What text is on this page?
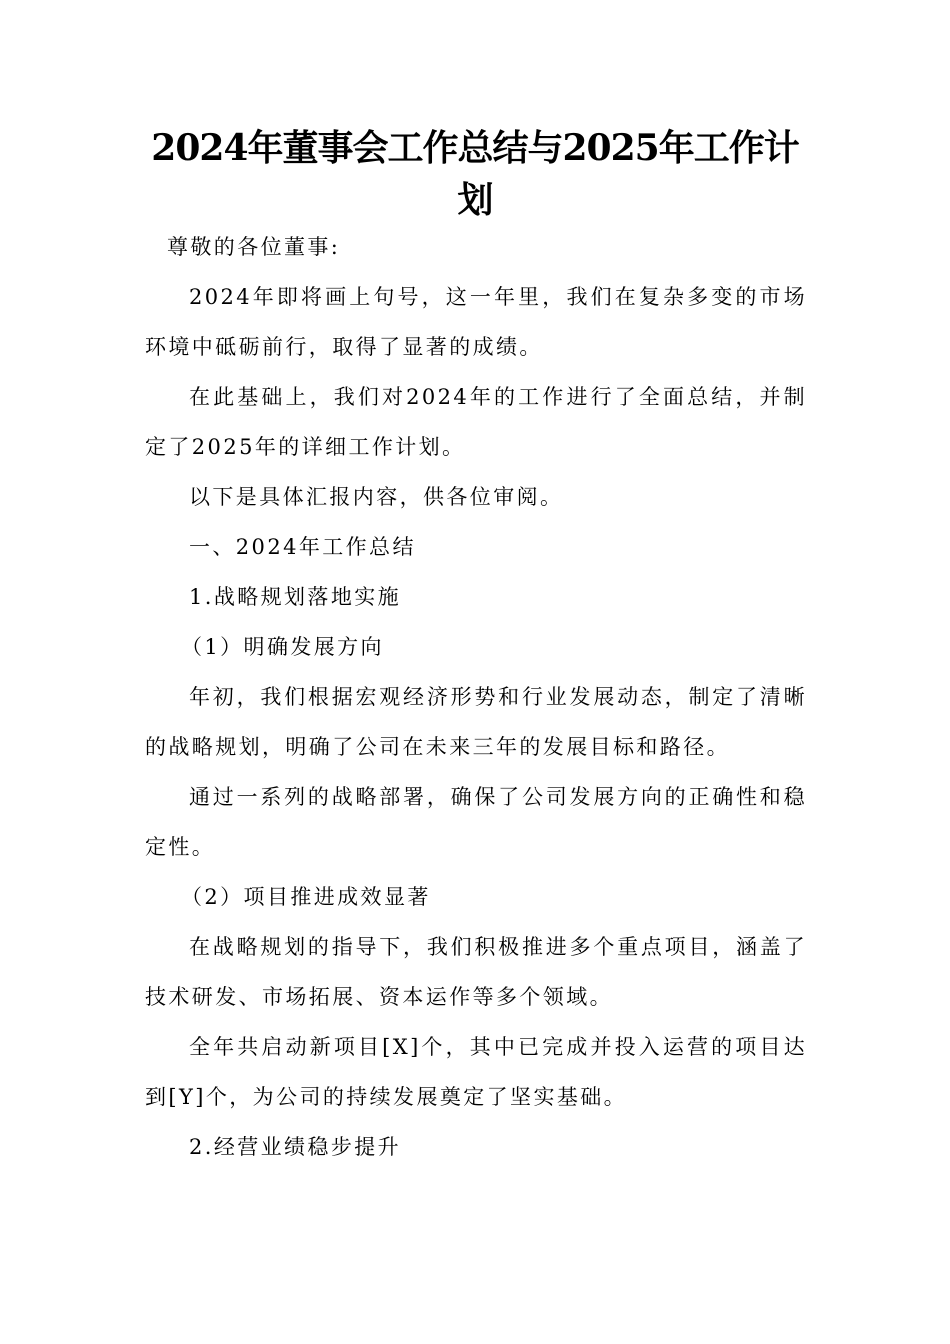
2024年董事会工作总结与2025年工作计划

尊敬的各位董事:

2024年即将画上句号，这一年里，我们在复杂多变的市场环境中砥砺前行，取得了显著的成绩。

在此基础上，我们对2024年的工作进行了全面总结，并制定了2025年的详细工作计划。

以下是具体汇报内容，供各位审阅。

一、2024年工作总结

1.战略规划落地实施

（1）明确发展方向

年初，我们根据宏观经济形势和行业发展动态，制定了清晰的战略规划，明确了公司在未来三年的发展目标和路径。

通过一系列的战略部署，确保了公司发展方向的正确性和稳定性。

（2）项目推进成效显著

在战略规划的指导下，我们积极推进多个重点项目，涵盖了技术研发、市场拓展、资本运作等多个领域。

全年共启动新项目[X]个，其中已完成并投入运营的项目达到[Y]个，为公司的持续发展奠定了坚实基础。

2.经营业绩稳步提升
